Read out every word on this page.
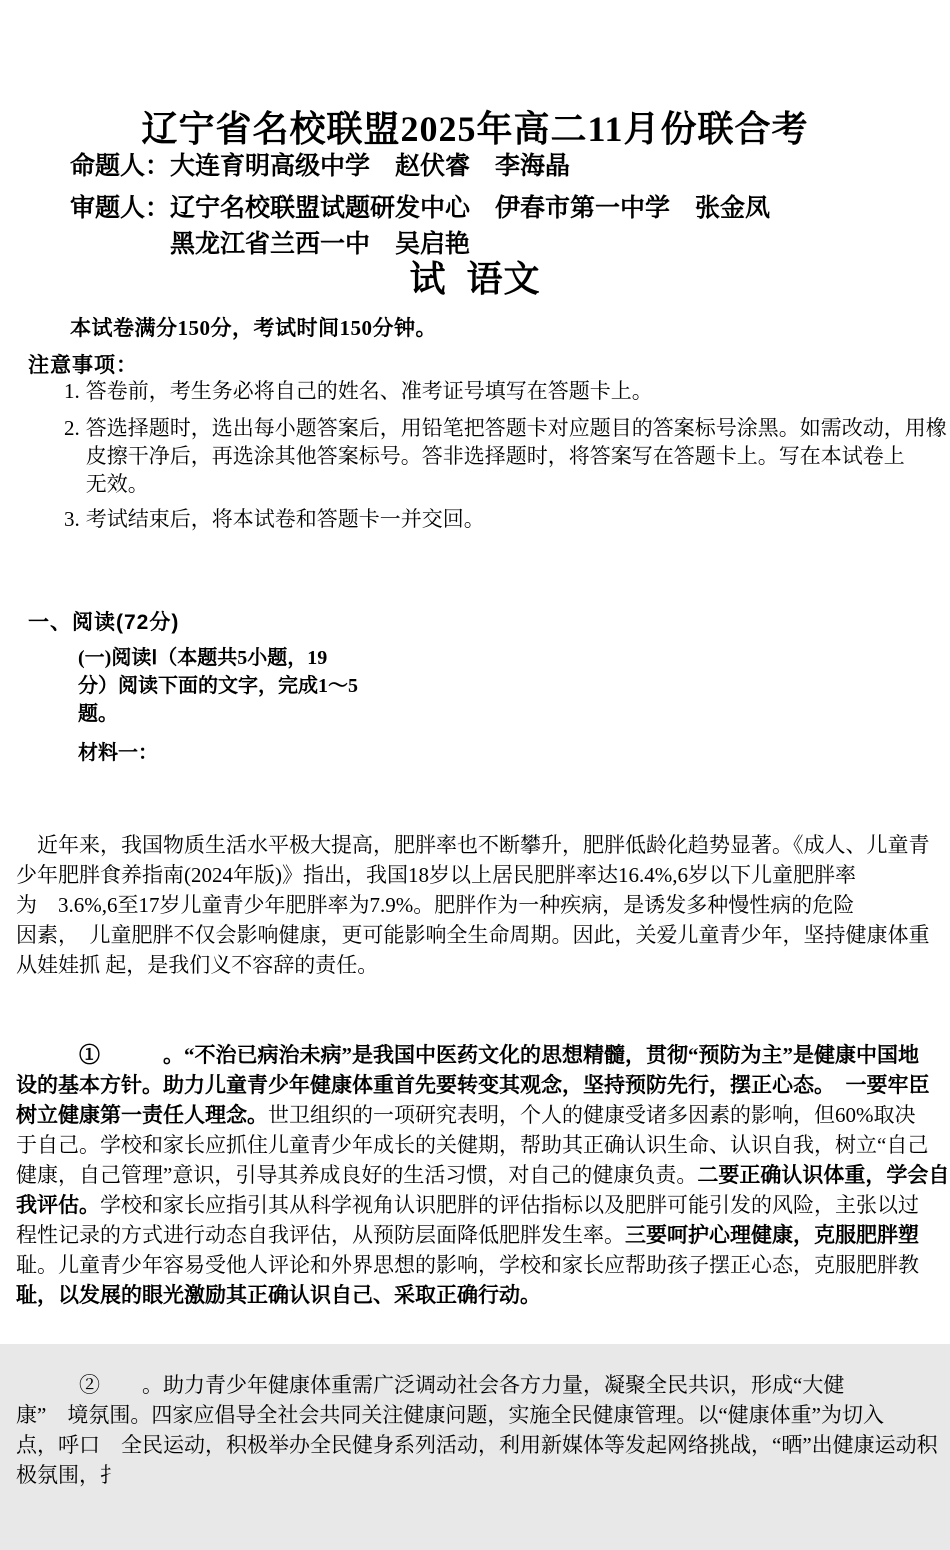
辽宁省名校联盟2025年高二11月份联合考

试  语文

命题人：大连育明高级中学　赵伏睿　李海晶
审题人：辽宁名校联盟试题研发中心　伊春市第一中学　张金凤
黑龙江省兰西一中　吴启艳
本试卷满分150分，考试时间150分钟。
注意事项：
1. 答卷前，考生务必将自己的姓名、准考证号填写在答题卡上。
2. 答选择题时，选出每小题答案后，用铅笔把答题卡对应题目的答案标号涂黑。如需改动，用橡
皮擦干净后，再选涂其他答案标号。答非选择题时，将答案写在答题卡上。写在本试卷上
无效。
3. 考试结束后，将本试卷和答题卡一并交回。
一、阅读(72分)
(一)阅读Ⅰ（本题共5小题，19
分）阅读下面的文字，完成1～5
题。
材料一：

　近年来，我国物质生活水平极大提高，肥胖率也不断攀升，肥胖低龄化趋势显著。《成人、儿童青
少年肥胖食养指南(2024年版)》指出，我国18岁以上居民肥胖率达16.4%,6岁以下儿童肥胖率
为　3.6%,6至17岁儿童青少年肥胖率为7.9%。肥胖作为一种疾病，是诱发多种慢性病的危险
因素，　儿童肥胖不仅会影响健康，更可能影响全生命周期。因此，关爱儿童青少年，坚持健康体重
从娃娃抓 起，是我们义不容辞的责任。

　　　①　　　。“不治已病治未病”是我国中医药文化的思想精髓，贯彻“预防为主”是健康中国地
设的基本方针。助力儿童青少年健康体重首先要转变其观念，坚持预防先行，摆正心态。　一要牢臣
树立健康第一责任人理念。世卫组织的一项研究表明，个人的健康受诸多因素的影响，但60%取决
于自己。学校和家长应抓住儿童青少年成长的关健期，帮助其正确认识生命、认识自我，树立“自己
健康，自己管理”意识，引导其养成良好的生活习惯，对自己的健康负责。二要正确认识体重，学会自
我评估。学校和家长应指引其从科学视角认识肥胖的评估指标以及肥胖可能引发的风险，主张以过
程性记录的方式进行动态自我评估，从预防层面降低肥胖发生率。三要呵护心理健康，克服肥胖塑
耻。儿童青少年容易受他人评论和外界思想的影响，学校和家长应帮助孩子摆正心态，克服肥胖教
耻，以发展的眼光激励其正确认识自己、采取正确行动。

　　　②　　。助力青少年健康体重需广泛调动社会各方力量，凝聚全民共识，形成“大健
康”　境氛围。四家应倡导全社会共同关注健康问题，实施全民健康管理。以“健康体重”为切入
点，呼口　全民运动，积极举办全民健身系列活动，利用新媒体等发起网络挑战，“晒”出健康运动积
极氛围，扌
